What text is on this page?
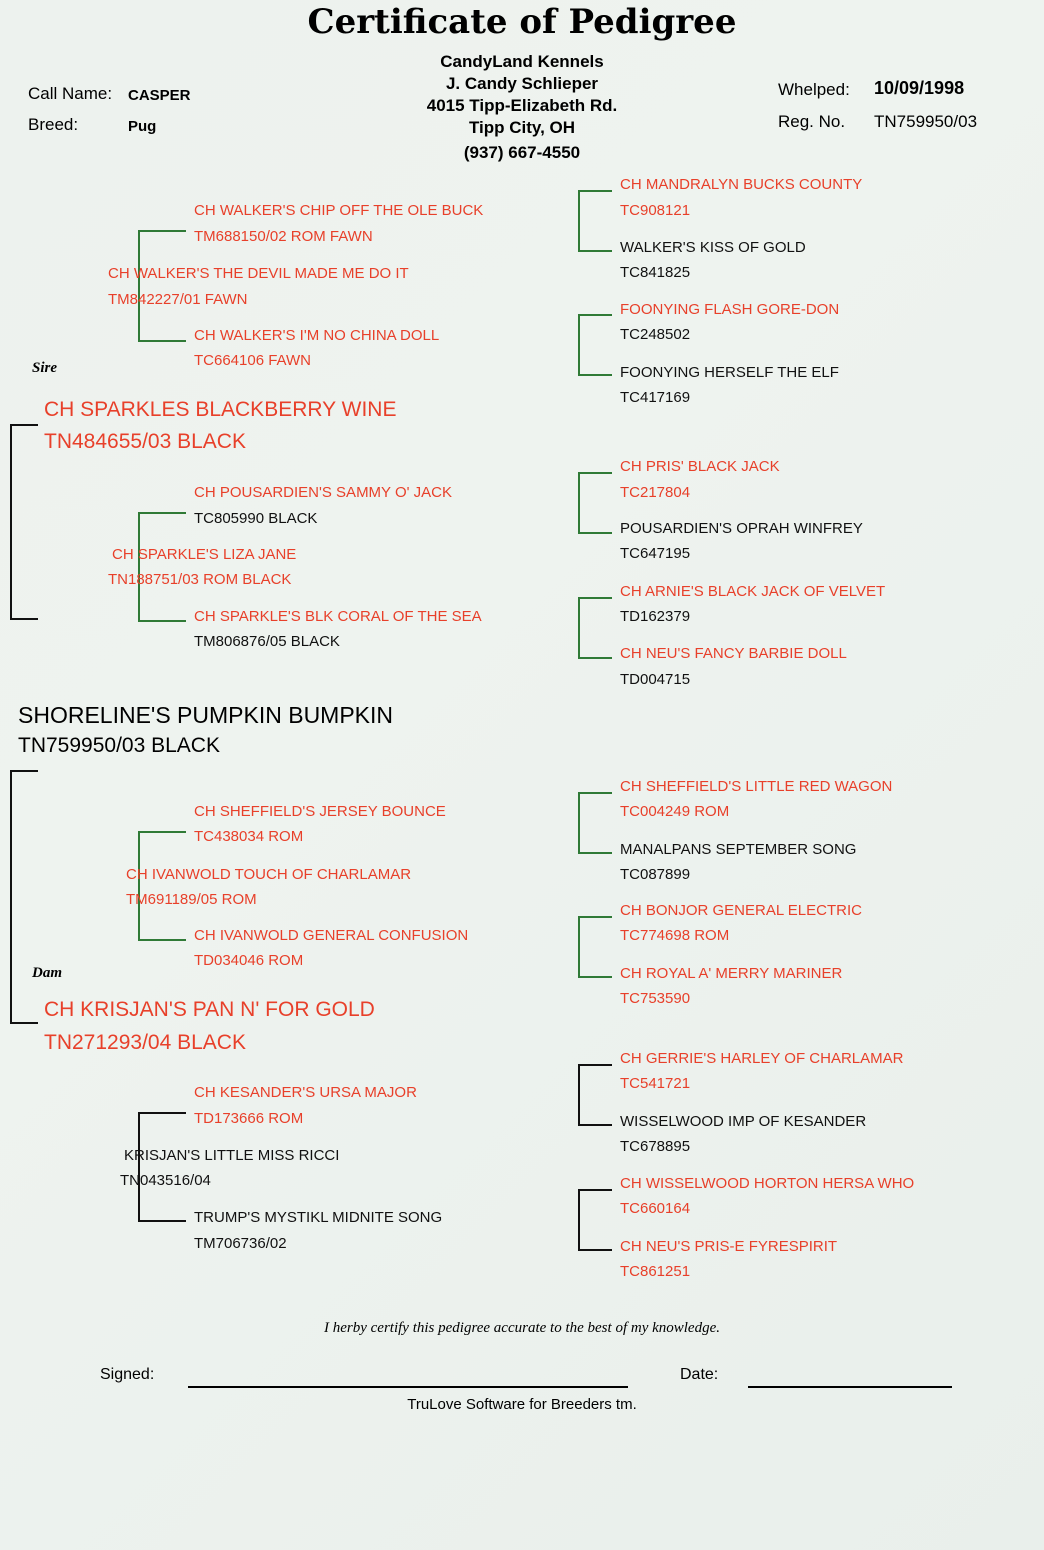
Certificate of Pedigree
CandyLand Kennels
J. Candy Schlieper
4015 Tipp-Elizabeth Rd.
Tipp City, OH
(937) 667-4550
Call Name: CASPER
Breed:	Pug
Whelped: 10/09/1998
Reg. No. TN759950/03
CH MANDRALYN BUCKS COUNTY
TC908121
WALKER'S KISS OF GOLD
TC841825
FOONYING FLASH GORE-DON
TC248502
FOONYING HERSELF THE ELF
TC417169
CH WALKER'S CHIP OFF THE OLE BUCK
TM688150/02 ROM FAWN
CH WALKER'S I'M NO CHINA DOLL
TC664106 FAWN
CH WALKER'S THE DEVIL MADE ME DO IT
TM842227/01 FAWN
CH PRIS' BLACK JACK
TC217804
POUSARDIEN'S OPRAH WINFREY
TC647195
CH ARNIE'S BLACK JACK OF VELVET
TD162379
CH NEU'S FANCY BARBIE DOLL
TD004715
CH POUSARDIEN'S SAMMY O' JACK
TC805990 BLACK
CH SPARKLE'S BLK CORAL OF THE SEA
TM806876/05 BLACK
CH SPARKLE'S LIZA JANE
TN188751/03 ROM BLACK
Sire
CH SPARKLES BLACKBERRY WINE
TN484655/03 BLACK
SHORELINE'S PUMPKIN BUMPKIN
TN759950/03 BLACK
CH SHEFFIELD'S LITTLE RED WAGON
TC004249 ROM
MANALPANS SEPTEMBER SONG
TC087899
CH BONJOR GENERAL ELECTRIC
TC774698 ROM
CH ROYAL A' MERRY MARINER
TC753590
CH SHEFFIELD'S JERSEY BOUNCE
TC438034 ROM
CH IVANWOLD GENERAL CONFUSION
TD034046 ROM
CH IVANWOLD TOUCH OF CHARLAMAR
TM691189/05 ROM
CH GERRIE'S HARLEY OF CHARLAMAR
TC541721
WISSELWOOD IMP OF KESANDER
TC678895
CH WISSELWOOD HORTON HERSA WHO
TC660164
CH NEU'S PRIS-E FYRESPIRIT
TC861251
CH KESANDER'S URSA MAJOR
TD173666 ROM
TRUMP'S MYSTIKL MIDNITE SONG
TM706736/02
KRISJAN'S LITTLE MISS RICCI
TN043516/04
Dam
CH KRISJAN'S PAN N' FOR GOLD
TN271293/04 BLACK
I herby certify this pedigree accurate to the best of my knowledge.
Signed:	Date:
TruLove Software for Breeders tm.
